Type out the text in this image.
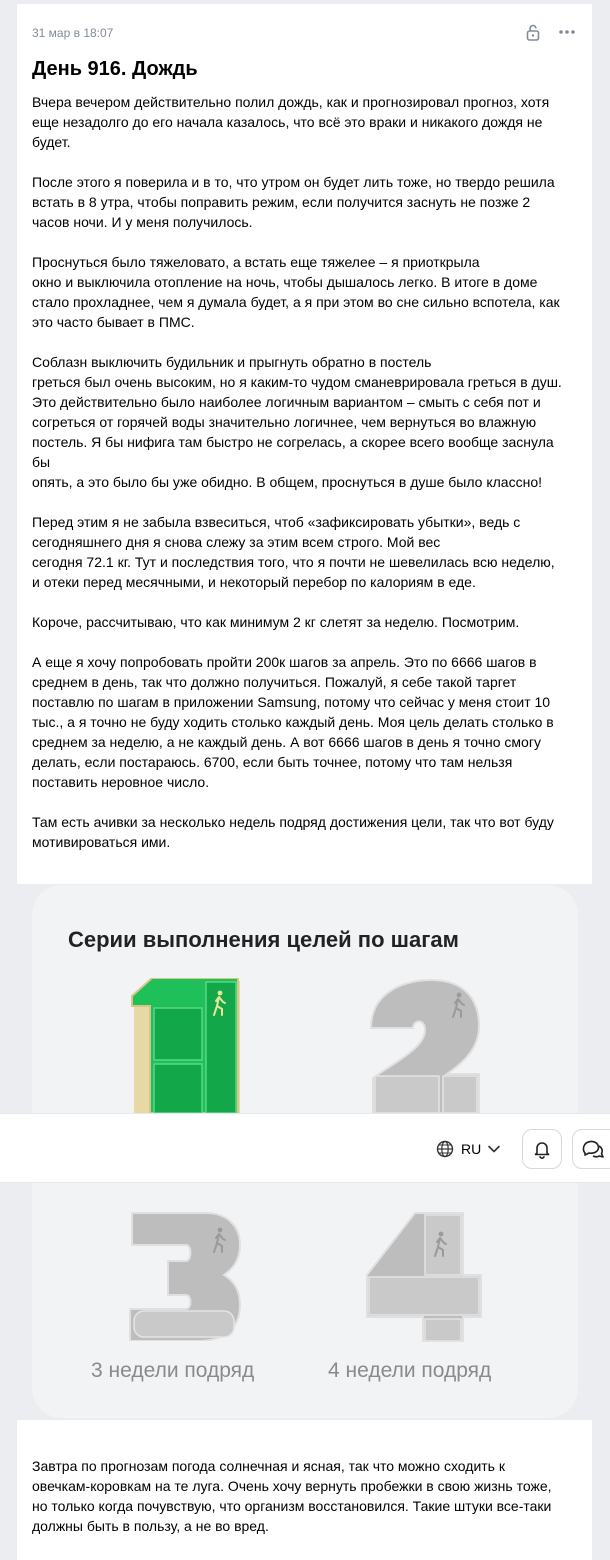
31 мар в 18:07
День 916. Дождь

Вчера вечером действительно полил дождь, как и прогнозировал прогноз, хотя
еще незадолго до его начала казалось, что всё это враки и никакого дождя не
будет.

После этого я поверила и в то, что утром он будет лить тоже, но твердо решила
встать в 8 утра, чтобы поправить режим, если получится заснуть не позже 2
часов ночи. И у меня получилось.

Проснуться было тяжеловато, а встать еще тяжелее – я приоткрыла
окно и выключила отопление на ночь, чтобы дышалось легко. В итоге в доме
стало прохладнее, чем я думала будет, а я при этом во сне сильно вспотела, как
это часто бывает в ПМС.

Соблазн выключить будильник и прыгнуть обратно в постель
греться был очень высоким, но я каким-то чудом сманеврировала греться в душ.
Это действительно было наиболее логичным вариантом – смыть с себя пот и
согреться от горячей воды значительно логичнее, чем вернуться во влажную
постель. Я бы нифига там быстро не согрелась, а скорее всего вообще заснула
бы
опять, а это было бы уже обидно. В общем, проснуться в душе было классно!

Перед этим я не забыла взвеситься, чтоб «зафиксировать убытки», ведь с
сегодняшнего дня я снова слежу за этим всем строго. Мой вес
сегодня 72.1 кг. Тут и последствия того, что я почти не шевелилась всю неделю,
и отеки перед месячными, и некоторый перебор по калориям в еде.

Короче, рассчитываю, что как минимум 2 кг слетят за неделю. Посмотрим.

А еще я хочу попробовать пройти 200к шагов за апрель. Это по 6666 шагов в
среднем в день, так что должно получиться. Пожалуй, я себе такой таргет
поставлю по шагам в приложении Samsung, потому что сейчас у меня стоит 10
тыс., а я точно не буду ходить столько каждый день. Моя цель делать столько в
среднем за неделю, а не каждый день. А вот 6666 шагов в день я точно смогу
делать, если постараюсь. 6700, если быть точнее, потому что там нельзя
поставить неровное число.

Там есть ачивки за несколько недель подряд достижения цели, так что вот буду
мотивироваться ими.

Серии выполнения целей по шагам
RU
3 недели подряд	4 недели подряд
Завтра по прогнозам погода солнечная и ясная, так что можно сходить к
овечкам-коровкам на те луга. Очень хочу вернуть пробежки в свою жизнь тоже,
но только когда почувствую, что организм восстановился. Такие штуки все-таки
должны быть в пользу, а не во вред.
